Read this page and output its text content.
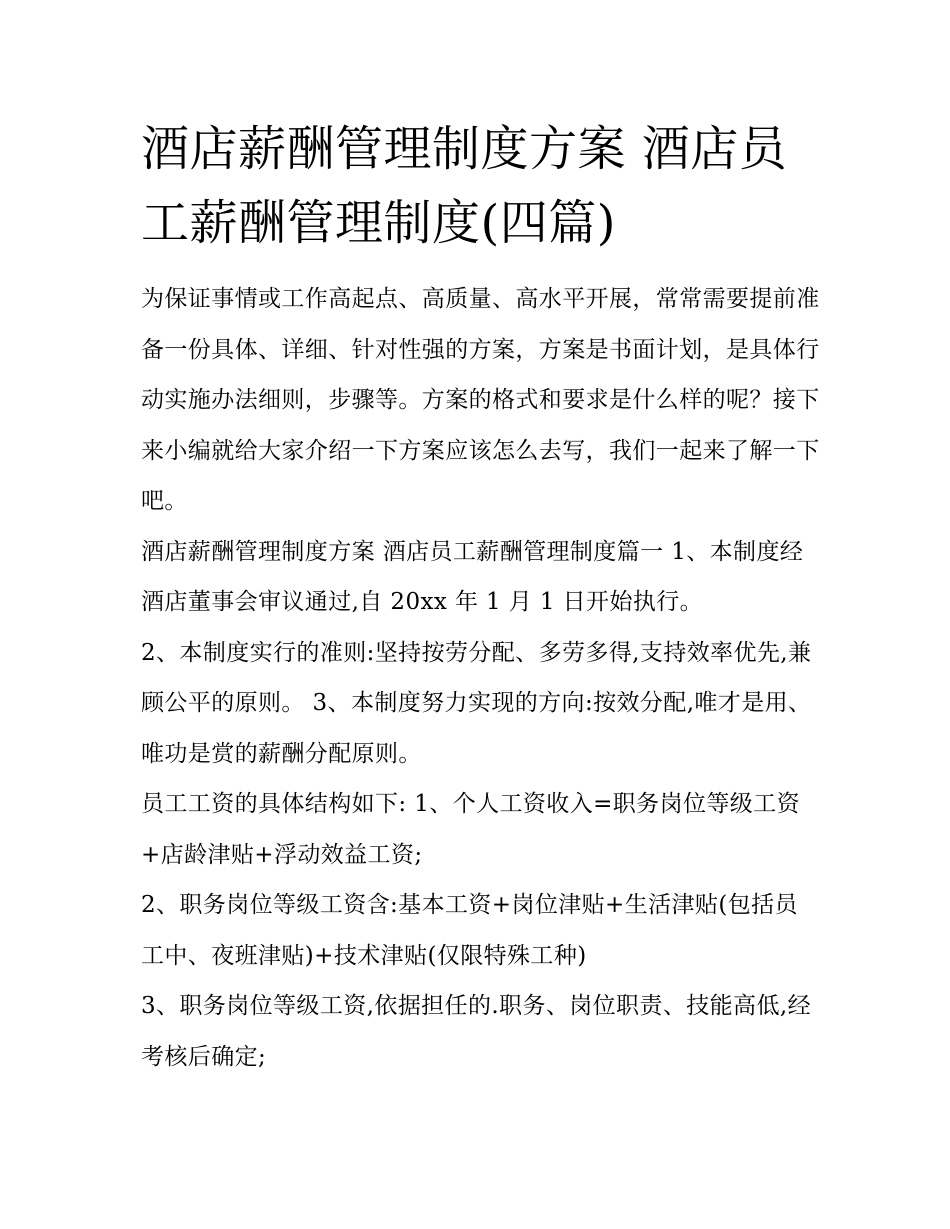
酒店薪酬管理制度方案 酒店员
工薪酬管理制度(四篇)

为保证事情或工作高起点、高质量、高水平开展，常常需要提前准备一份具体、详细、针对性强的方案，方案是书面计划，是具体行动实施办法细则，步骤等。方案的格式和要求是什么样的呢？接下来小编就给大家介绍一下方案应该怎么去写，我们一起来了解一下吧。

酒店薪酬管理制度方案 酒店员工薪酬管理制度篇一 1、本制度经酒店董事会审议通过,自 20xx 年 1 月 1 日开始执行。

2、本制度实行的准则:坚持按劳分配、多劳多得,支持效率优先,兼顾公平的原则。 3、本制度努力实现的方向:按效分配,唯才是用、唯功是赏的薪酬分配原则。

员工工资的具体结构如下: 1、个人工资收入=职务岗位等级工资+店龄津贴+浮动效益工资;

2、职务岗位等级工资含:基本工资+岗位津贴+生活津贴(包括员工中、夜班津贴)+技术津贴(仅限特殊工种)

3、职务岗位等级工资,依据担任的.职务、岗位职责、技能高低,经考核后确定;
